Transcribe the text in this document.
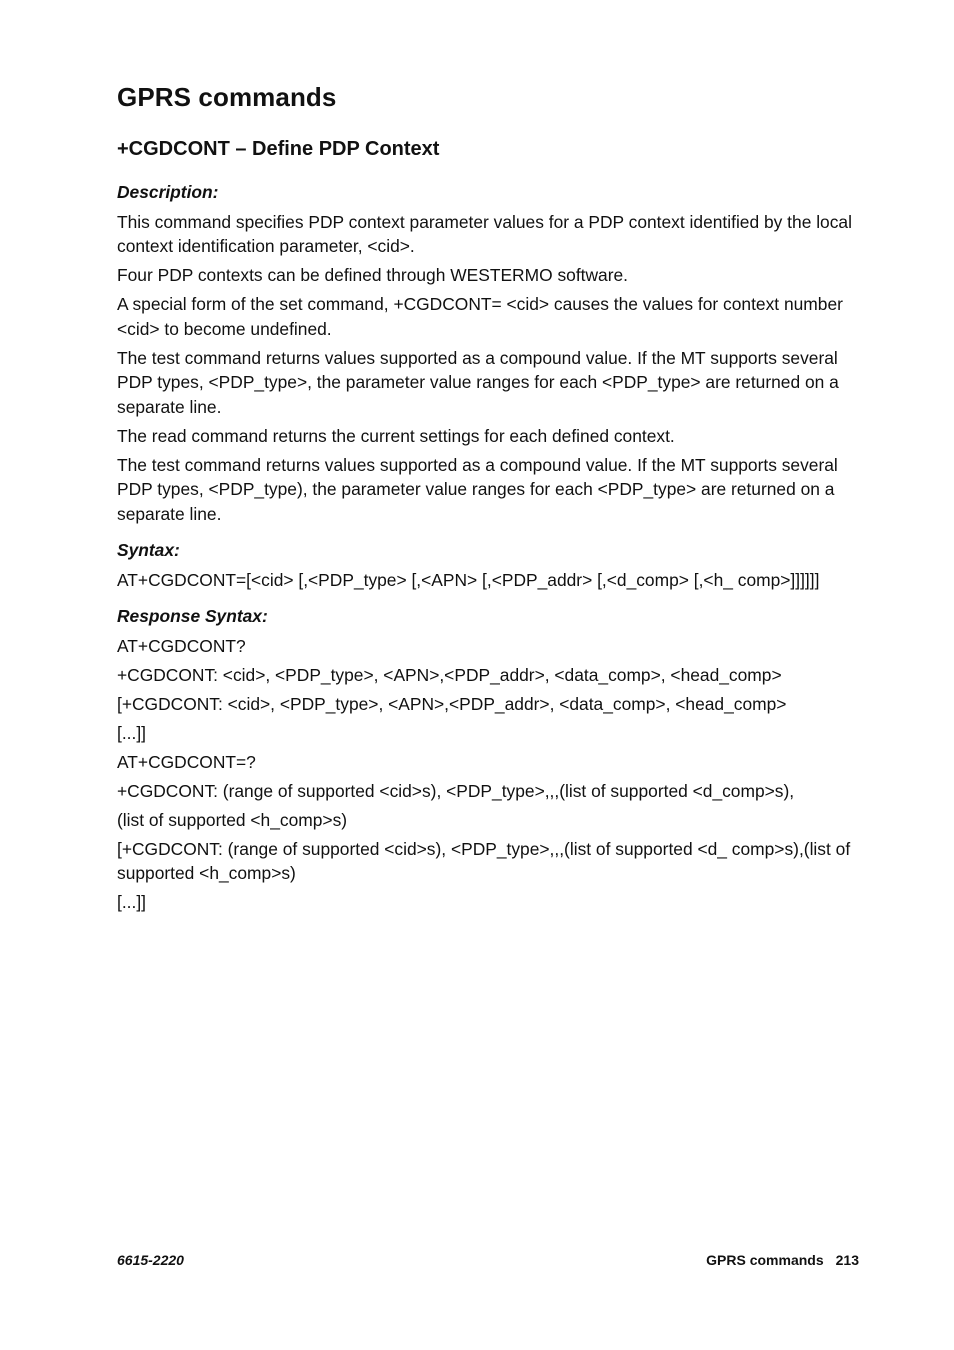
GPRS commands
+CGDCONT – Define PDP Context
Description:

This command specifies PDP context parameter values for a PDP context identified by the local context identification parameter, <cid>.

Four PDP contexts can be defined through WESTERMO software.

A special form of the set command, +CGDCONT= <cid> causes the values for context number <cid> to become undefined.

The test command returns values supported as a compound value. If the MT supports several PDP types, <PDP_type>, the parameter value ranges for each <PDP_type> are returned on a separate line.

The read command returns the current settings for each defined context.

The test command returns values supported as a compound value. If the MT supports several PDP types, <PDP_type), the parameter value ranges for each <PDP_type> are returned on a separate line.

Syntax:

AT+CGDCONT=[<cid> [,<PDP_type> [,<APN> [,<PDP_addr> [,<d_comp> [,<h_ comp>]]]]]]

Response Syntax:

AT+CGDCONT?

+CGDCONT: <cid>, <PDP_type>, <APN>,<PDP_addr>, <data_comp>, <head_comp>

[+CGDCONT: <cid>, <PDP_type>, <APN>,<PDP_addr>, <data_comp>, <head_comp>

[...]]

AT+CGDCONT=?

+CGDCONT: (range of supported <cid>s), <PDP_type>,,,(list of supported <d_comp>s),

(list of supported <h_comp>s)

[+CGDCONT: (range of supported <cid>s), <PDP_type>,,,(list of supported <d_ comp>s),(list of supported <h_comp>s)

[...]]

6615-2220	GPRS commands 213
